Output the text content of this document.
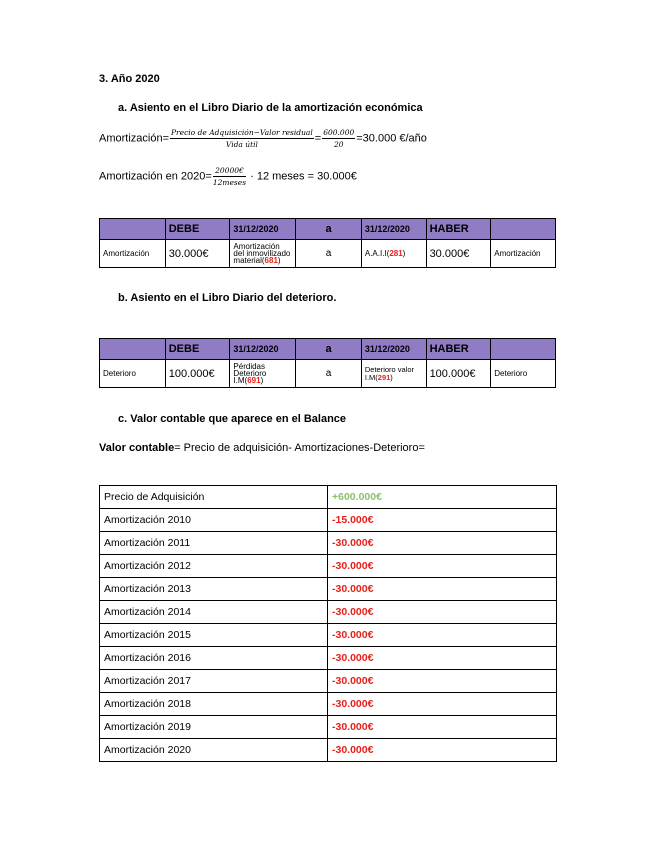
3. Año 2020
a. Asiento en el Libro Diario de la amortización económica
Amortización= $\frac{\text{Precio de Adquisición−Valor residual}}{\text{Vida útil}} = \frac{600.000}{20} =30.000$ €/año
Amortización en $2020= \frac{20000€}{\text{12meses}} \cdot 12$ meses = 30.000€
	DEBE	31/12/2020	a	31/12/2020	HABER	
Amortización	30.000€	Amortización del inmovilizado material(681)	a	A.A.I.I(281)	30.000€	Amortización
b. Asiento en el Libro Diario del deterioro.
	DEBE	31/12/2020	a	31/12/2020	HABER	
Deterioro	100.000€	Pérdidas Deterioro I.M(691)	a	Deterioro valor I.M(291)	100.000€	Deterioro
c. Valor contable que aparece en el Balance
Valor contable= Precio de adquisición- Amortizaciones-Deterioro=
Precio de Adquisición	+600.000€
Amortización 2010	-15.000€
Amortización 2011	-30.000€
Amortización 2012	-30.000€
Amortización 2013	-30.000€
Amortización 2014	-30.000€
Amortización 2015	-30.000€
Amortización 2016	-30.000€
Amortización 2017	-30.000€
Amortización 2018	-30.000€
Amortización 2019	-30.000€
Amortización 2020	-30.000€
